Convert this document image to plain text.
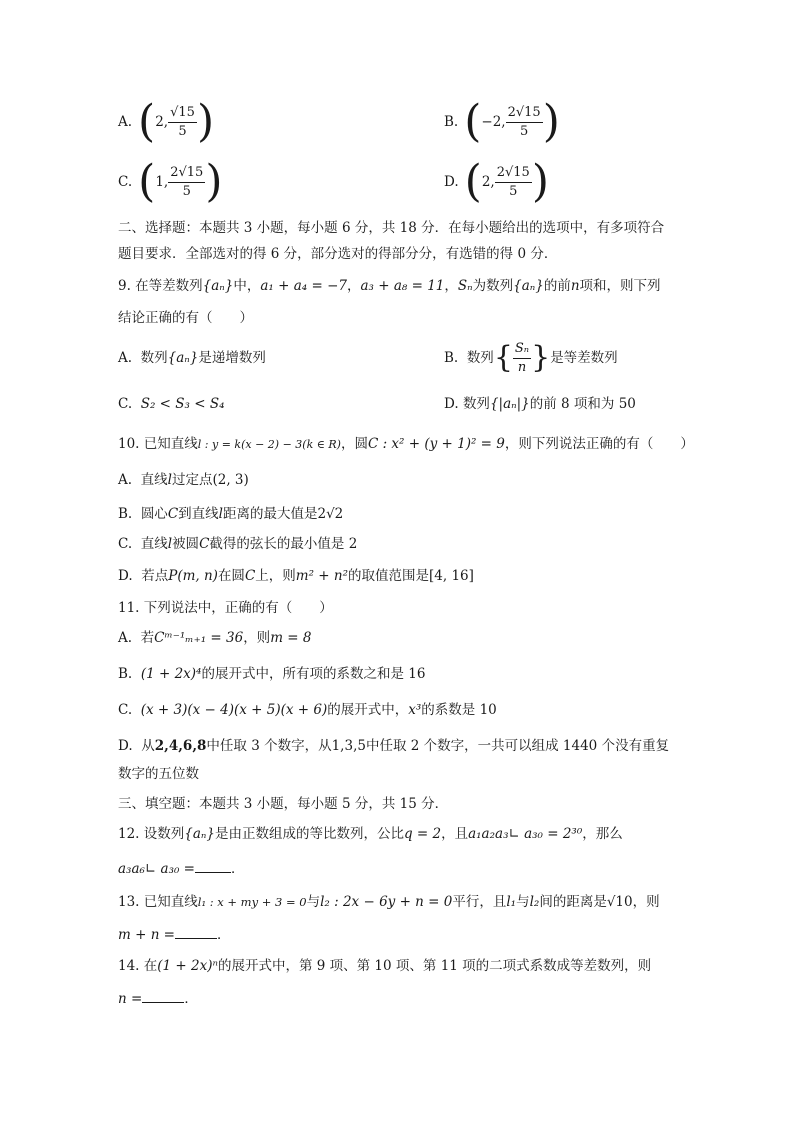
A. ( 2, $\frac{√15}{5}$ )	B. ( −2, $\frac{2√15}{5}$ )
C. ( 1, $\frac{2√15}{5}$ )	D. ( 2, $\frac{2√15}{5}$ )
二、选择题：本题共 3 小题，每小题 6 分，共 18 分．在每小题给出的选项中，有多项符合
题目要求．全部选对的得 6 分，部分选对的得部分分，有选错的得 0 分．
9. 在等差数列{aₙ}中，a₁ + a₄ = −7，a₃ + a₈ = 11，Sₙ为数列{aₙ}的前n项和，则下列
结论正确的有（　　）
A. 数列{aₙ}是递增数列	B.
数列 { $\frac{\text{Sₙ}}{n}$ } 是等差数列
C. S₂ < S₃ < S₄	D. 数列{|aₙ|}的前 8 项和为 50
10. 已知直线l : y = k(x − 2) − 3(k ∈ R)，圆C : x² + (y + 1)² = 9，则下列说法正确的有（　　）
A. 直线l过定点(2, 3)
B. 圆心C到直线l距离的最大值是2√2
C. 直线l被圆C截得的弦长的最小值是 2
D. 若点P(m, n)在圆C上，则m² + n²的取值范围是[4, 16]
11. 下列说法中，正确的有（　　）
A. 若Cᵐ⁻¹ₘ₊₁ = 36，则m = 8
B. (1 + 2x)⁴的展开式中，所有项的系数之和是 16
C. (x + 3)(x − 4)(x + 5)(x + 6)的展开式中，x³的系数是 10
D. 从2,4,6,8中任取 3 个数字，从1,3,5中任取 2 个数字，一共可以组成 1440 个没有重复
数字的五位数
三、填空题：本题共 3 小题，每小题 5 分，共 15 分．
12. 设数列{aₙ}是由正数组成的等比数列，公比q = 2，且a₁a₂a₃∟ a₃₀ = 2³⁰，那么
a₃a₆∟ a₃₀ =	．
13. 已知直线l₁ : x + my + 3 = 0与l₂ : 2x − 6y + n = 0平行，且l₁与l₂间的距离是√10，则
m + n =	．
14. 在(1 + 2x)ⁿ的展开式中，第 9 项、第 10 项、第 11 项的二项式系数成等差数列，则
n =	．
